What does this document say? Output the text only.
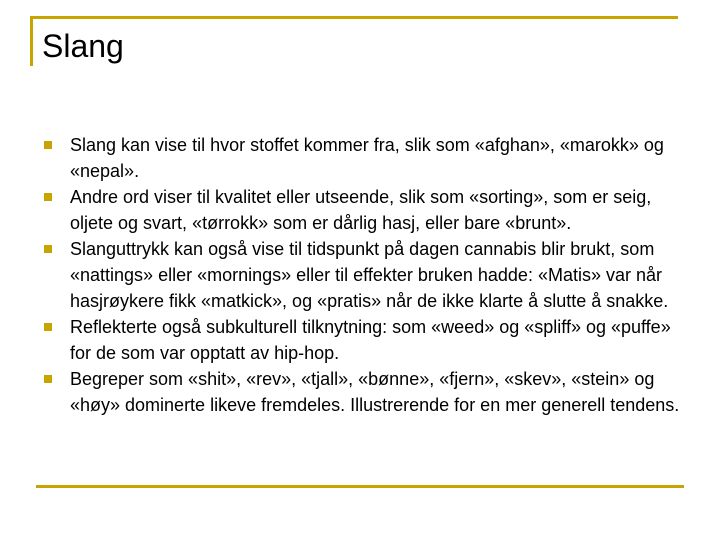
Slang
Slang kan vise til hvor stoffet kommer fra, slik som «afghan», «marokk» og «nepal».
Andre ord viser til kvalitet eller utseende, slik som «sorting», som er seig, oljete og svart, «tørrokk» som er dårlig hasj, eller bare «brunt».
Slanguttrykk kan også vise til tidspunkt på dagen cannabis blir brukt, som «nattings» eller «mornings» eller til effekter bruken hadde: «Matis» var når hasjrøykere fikk «matkick», og «pratis» når de ikke klarte å slutte å snakke.
Reflekterte også subkulturell tilknytning: som «weed» og «spliff» og «puffe» for de som var opptatt av hip-hop.
Begreper som «shit», «rev», «tjall», «bønne», «fjern», «skev», «stein» og «høy» dominerte likeve fremdeles. Illustrerende for en mer generell tendens.
